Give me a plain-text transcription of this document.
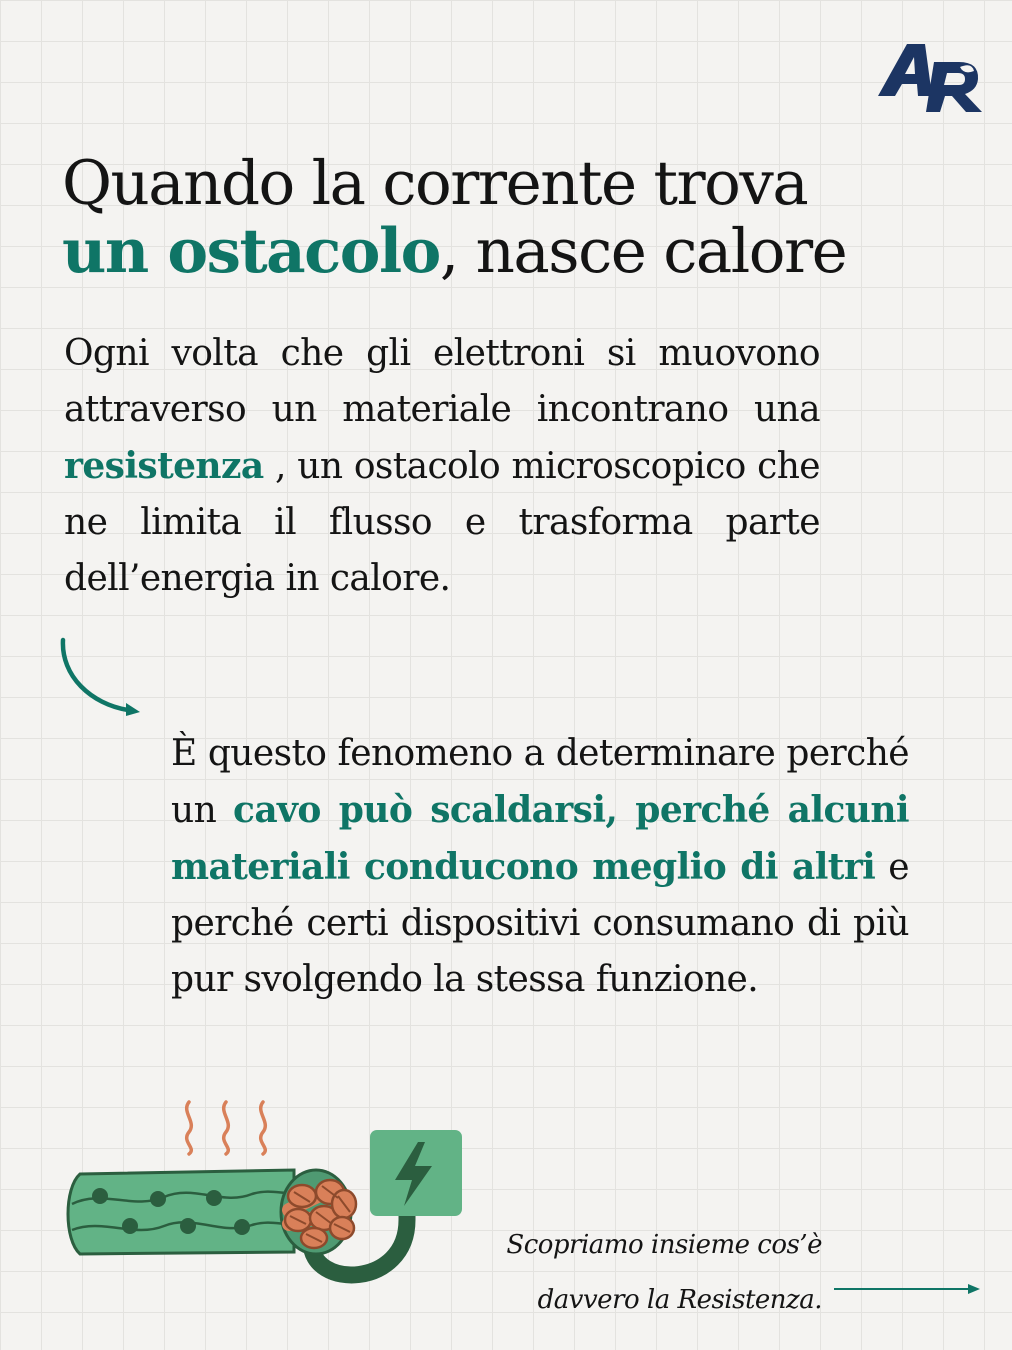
Quando la corrente trova
un ostacolo, nasce calore

Ogni volta che gli elettroni si muovono attraverso un materiale incontrano una resistenza , un ostacolo microscopico che ne limita il flusso e trasforma parte dell’energia in calore.

È questo fenomeno a determinare perché un cavo può scaldarsi, perché alcuni materiali conducono meglio di altri e perché certi dispositivi consumano di più pur svolgendo la stessa funzione.

Scopriamo insieme cos’è
davvero la Resistenza.
